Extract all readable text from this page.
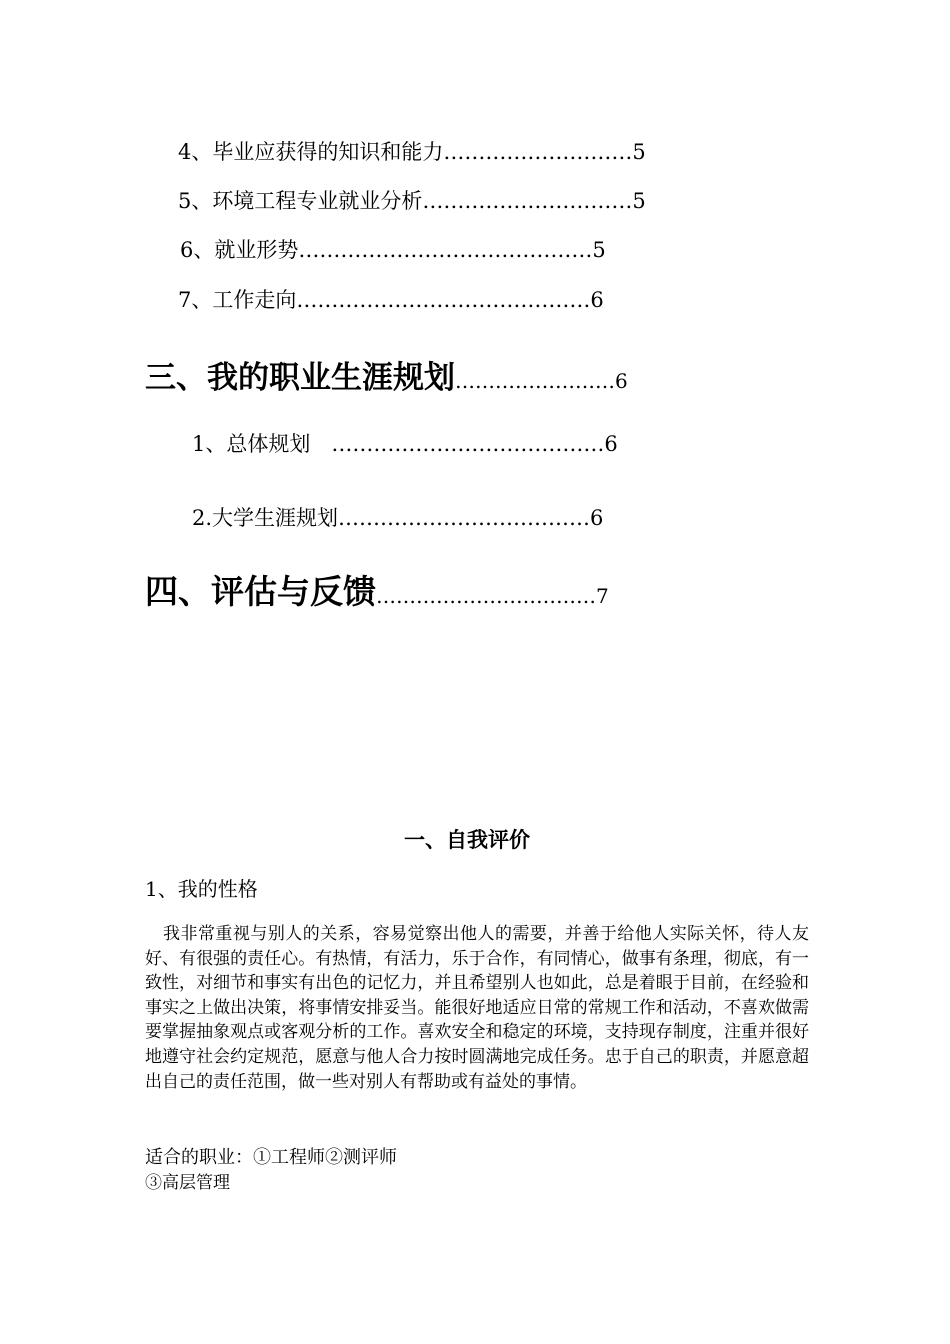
4、毕业应获得的知识和能力………………………5
5、环境工程专业就业分析…………………………5
6、就业形势……………………………………5
7、工作走向……………………………………6
三、我的职业生涯规划……………………6
1、总体规划　…………………………………6
2.大学生涯规划………………………………6
四、评估与反馈……………………………7
一、自我评价
1、我的性格

我非常重视与别人的关系，容易觉察出他人的需要，并善于给他人实际关怀，待人友好、有很强的责任心。有热情，有活力，乐于合作，有同情心，做事有条理，彻底，有一致性，对细节和事实有出色的记忆力，并且希望别人也如此，总是着眼于目前，在经验和事实之上做出决策，将事情安排妥当。能很好地适应日常的常规工作和活动，不喜欢做需要掌握抽象观点或客观分析的工作。喜欢安全和稳定的环境，支持现存制度，注重并很好地遵守社会约定规范，愿意与他人合力按时圆满地完成任务。忠于自己的职责，并愿意超出自己的责任范围，做一些对别人有帮助或有益处的事情。

适合的职业：①工程师②测评师
③高层管理
